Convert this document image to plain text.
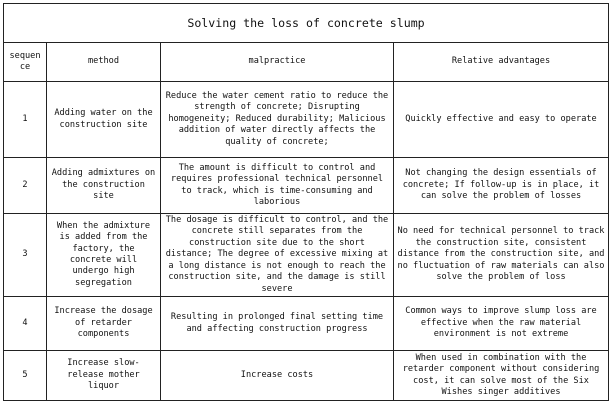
Solving the loss of concrete slump			
sequence	method	malpractice	Relative advantages
1	Adding water on the construction site	Reduce the water cement ratio to reduce the strength of concrete; Disrupting homogeneity; Reduced durability; Malicious addition of water directly affects the quality of concrete;	Quickly effective and easy to operate
2	Adding admixtures on the construction site	The amount is difficult to control and requires professional technical personnel to track, which is time-consuming and laborious	Not changing the design essentials of concrete; If follow-up is in place, it can solve the problem of losses
3	When the admixture is added from the factory, the concrete will undergo high segregation	The dosage is difficult to control, and the concrete still separates from the construction site due to the short distance; The degree of excessive mixing at a long distance is not enough to reach the construction site, and the damage is still severe	No need for technical personnel to track the construction site, consistent distance from the construction site, and no fluctuation of raw materials can also solve the problem of loss
4	Increase the dosage of retarder components	Resulting in prolonged final setting time and affecting construction progress	Common ways to improve slump loss are effective when the raw material environment is not extreme
5	Increase slow-release mother liquor	Increase costs	When used in combination with the retarder component without considering cost, it can solve most of the Six Wishes singer additives
